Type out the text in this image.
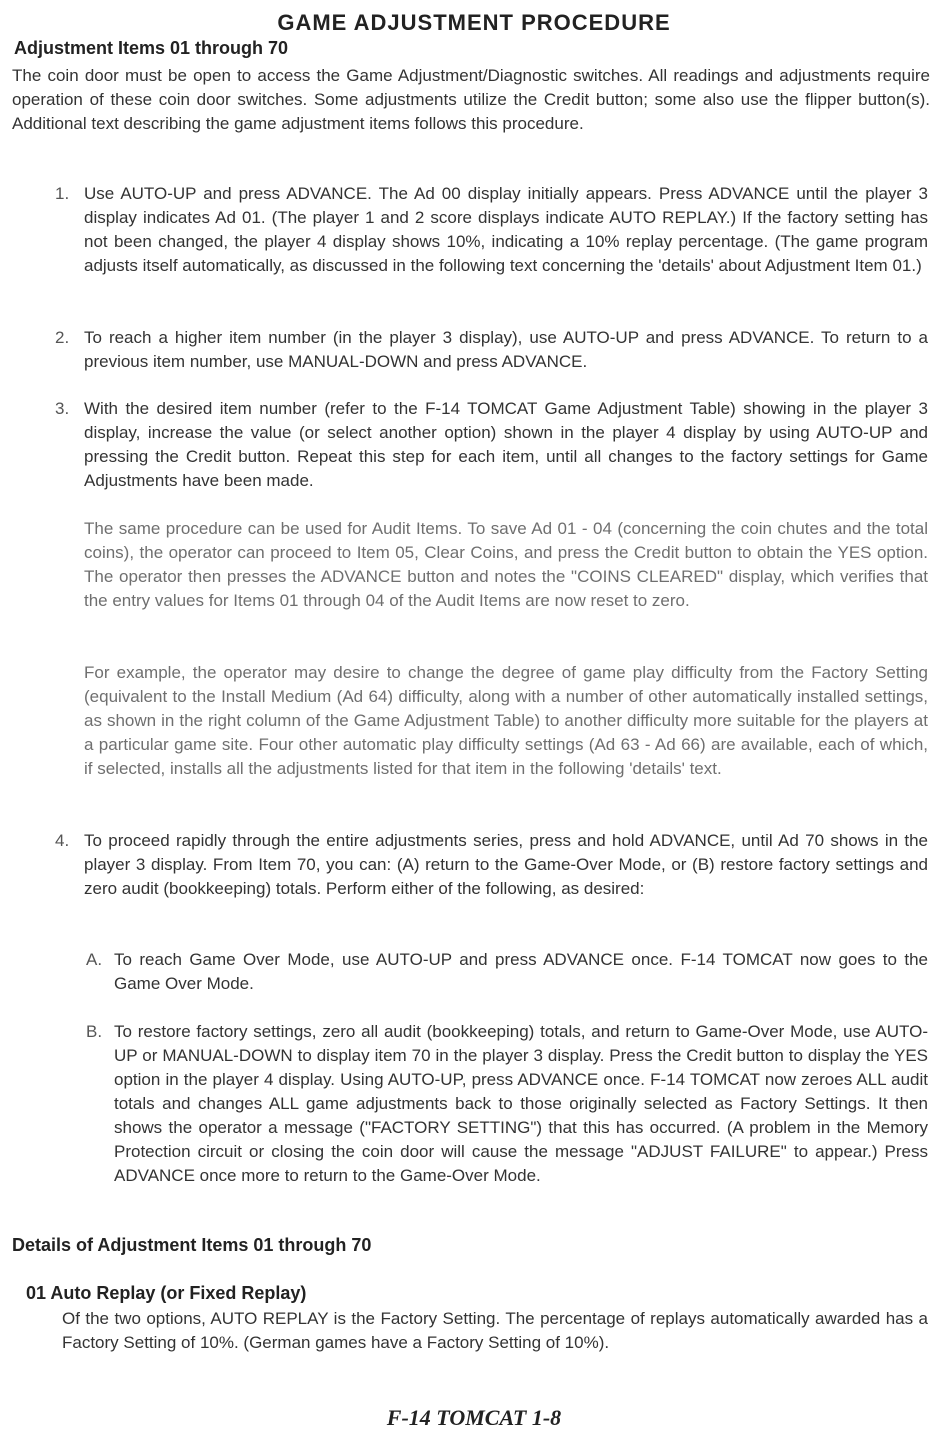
GAME ADJUSTMENT PROCEDURE
Adjustment Items 01 through 70
The coin door must be open to access the Game Adjustment/Diagnostic switches. All readings and adjustments require operation of these coin door switches. Some adjustments utilize the Credit button; some also use the flipper button(s). Additional text describing the game adjustment items follows this procedure.
1. Use AUTO-UP and press ADVANCE. The Ad 00 display initially appears. Press ADVANCE until the player 3 display indicates Ad 01. (The player 1 and 2 score displays indicate AUTO REPLAY.) If the factory setting has not been changed, the player 4 display shows 10%, indicating a 10% replay percentage. (The game program adjusts itself automatically, as discussed in the following text concerning the 'details' about Adjustment Item 01.)
2. To reach a higher item number (in the player 3 display), use AUTO-UP and press ADVANCE. To return to a previous item number, use MANUAL-DOWN and press ADVANCE.
3. With the desired item number (refer to the F-14 TOMCAT Game Adjustment Table) showing in the player 3 display, increase the value (or select another option) shown in the player 4 display by using AUTO-UP and pressing the Credit button. Repeat this step for each item, until all changes to the factory settings for Game Adjustments have been made.
The same procedure can be used for Audit Items. To save Ad 01 - 04 (concerning the coin chutes and the total coins), the operator can proceed to Item 05, Clear Coins, and press the Credit button to obtain the YES option. The operator then presses the ADVANCE button and notes the "COINS CLEARED" display, which verifies that the entry values for Items 01 through 04 of the Audit Items are now reset to zero.
For example, the operator may desire to change the degree of game play difficulty from the Factory Setting (equivalent to the Install Medium (Ad 64) difficulty, along with a number of other automatically installed settings, as shown in the right column of the Game Adjustment Table) to another difficulty more suitable for the players at a particular game site. Four other automatic play difficulty settings (Ad 63 - Ad 66) are available, each of which, if selected, installs all the adjustments listed for that item in the following 'details' text.
4. To proceed rapidly through the entire adjustments series, press and hold ADVANCE, until Ad 70 shows in the player 3 display. From Item 70, you can: (A) return to the Game-Over Mode, or (B) restore factory settings and zero audit (bookkeeping) totals. Perform either of the following, as desired:
A. To reach Game Over Mode, use AUTO-UP and press ADVANCE once. F-14 TOMCAT now goes to the Game Over Mode.
B. To restore factory settings, zero all audit (bookkeeping) totals, and return to Game-Over Mode, use AUTO-UP or MANUAL-DOWN to display item 70 in the player 3 display. Press the Credit button to display the YES option in the player 4 display. Using AUTO-UP, press ADVANCE once. F-14 TOMCAT now zeroes ALL audit totals and changes ALL game adjustments back to those originally selected as Factory Settings. It then shows the operator a message ("FACTORY SETTING") that this has occurred. (A problem in the Memory Protection circuit or closing the coin door will cause the message "ADJUST FAILURE" to appear.) Press ADVANCE once more to return to the Game-Over Mode.
Details of Adjustment Items 01 through 70
01 Auto Replay (or Fixed Replay)
Of the two options, AUTO REPLAY is the Factory Setting. The percentage of replays automatically awarded has a Factory Setting of 10%. (German games have a Factory Setting of 10%).
F-14 TOMCAT 1-8
